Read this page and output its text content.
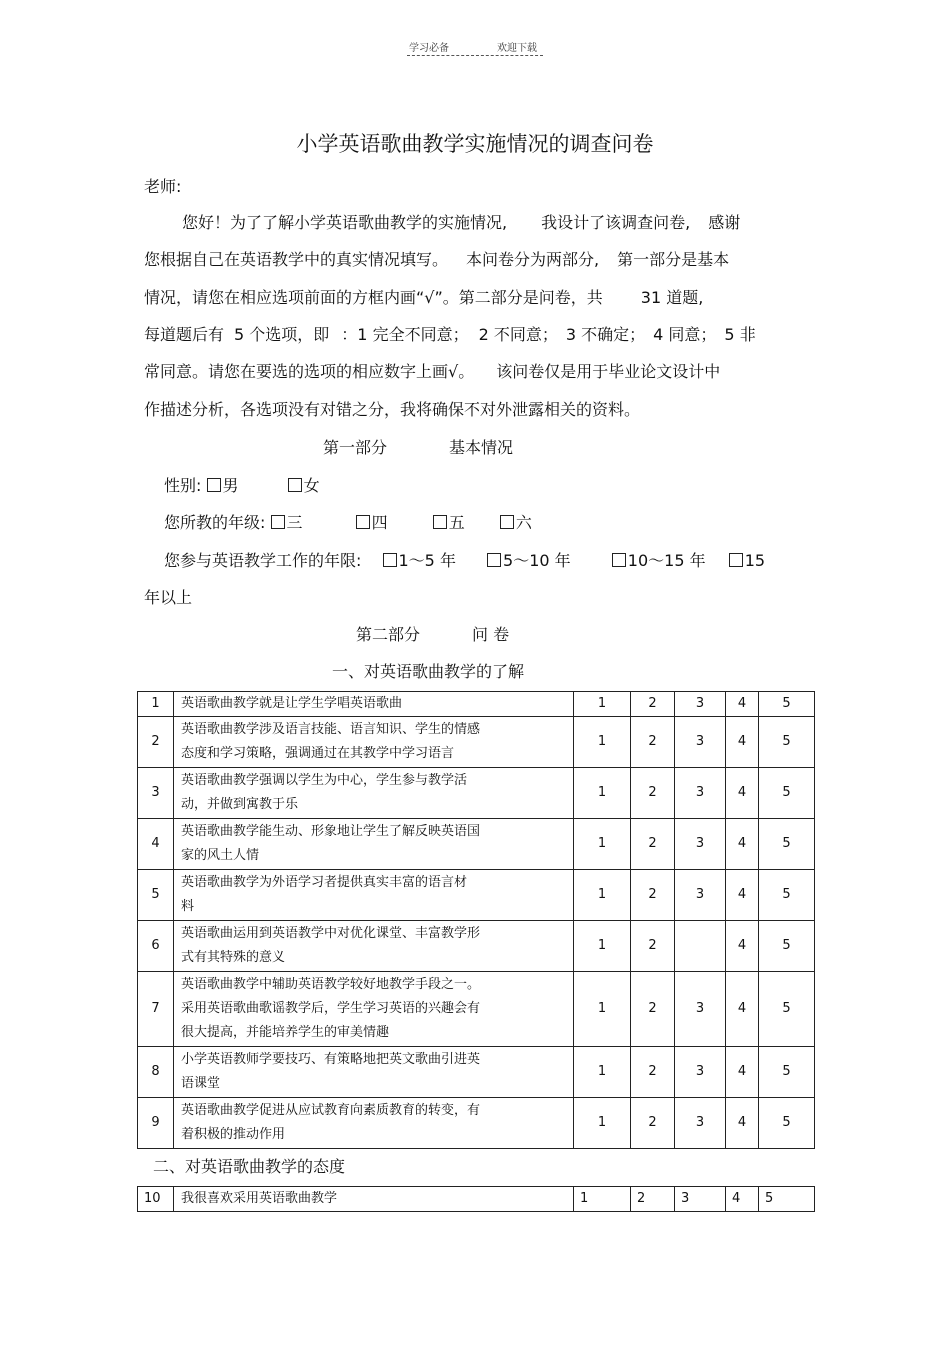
学习必备	欢迎下载
小学英语歌曲教学实施情况的调查问卷
老师:
您好！为了了解小学英语歌曲教学的实施情况, 我设计了该调查问卷, 感谢
您根据自己在英语教学中的真实情况填写。 本问卷分为两部分, 第一部分是基本
情况，请您在相应选项前面的方框内画“√”。第二部分是问卷，共 31 道题,
每道题后有 5 个选项，即 ：1 完全不同意； 2 不同意； 3 不确定； 4 同意； 5 非
常同意。请您在要选的选项的相应数字上画√。 该问卷仅是用于毕业论文设计中
作描述分析，各选项没有对错之分，我将确保不对外泄露相关的资料。
第一部分	基本情况
性别: 男	女
您所教的年级: 三	四	五	六
您参与英语教学工作的年限: 1～5 年	5～10 年	10～15 年 15
年以上
第二部分	问 卷
一、对英语歌曲教学的了解
1	英语歌曲教学就是让学生学唱英语歌曲	1	2	3	4	5
2	英语歌曲教学涉及语言技能、语言知识、学生的情感
态度和学习策略，强调通过在其教学中学习语言	1	2	3	4	5
3	英语歌曲教学强调以学生为中心，学生参与教学活
动，并做到寓教于乐	1	2	3	4	5
4	英语歌曲教学能生动、形象地让学生了解反映英语国
家的风土人情	1	2	3	4	5
5	英语歌曲教学为外语学习者提供真实丰富的语言材
料	1	2	3	4	5
6	英语歌曲运用到英语教学中对优化课堂、丰富教学形
式有其特殊的意义	1	2		4	5
7	英语歌曲教学中辅助英语教学较好地教学手段之一。
采用英语歌曲歌谣教学后，学生学习英语的兴趣会有
很大提高，并能培养学生的审美情趣	1	2	3	4	5
8	小学英语教师学要技巧、有策略地把英文歌曲引进英
语课堂	1	2	3	4	5
9	英语歌曲教学促进从应试教育向素质教育的转变，有
着积极的推动作用	1	2	3	4	5
二、对英语歌曲教学的态度
10	我很喜欢采用英语歌曲教学	1	2	3	4	5
